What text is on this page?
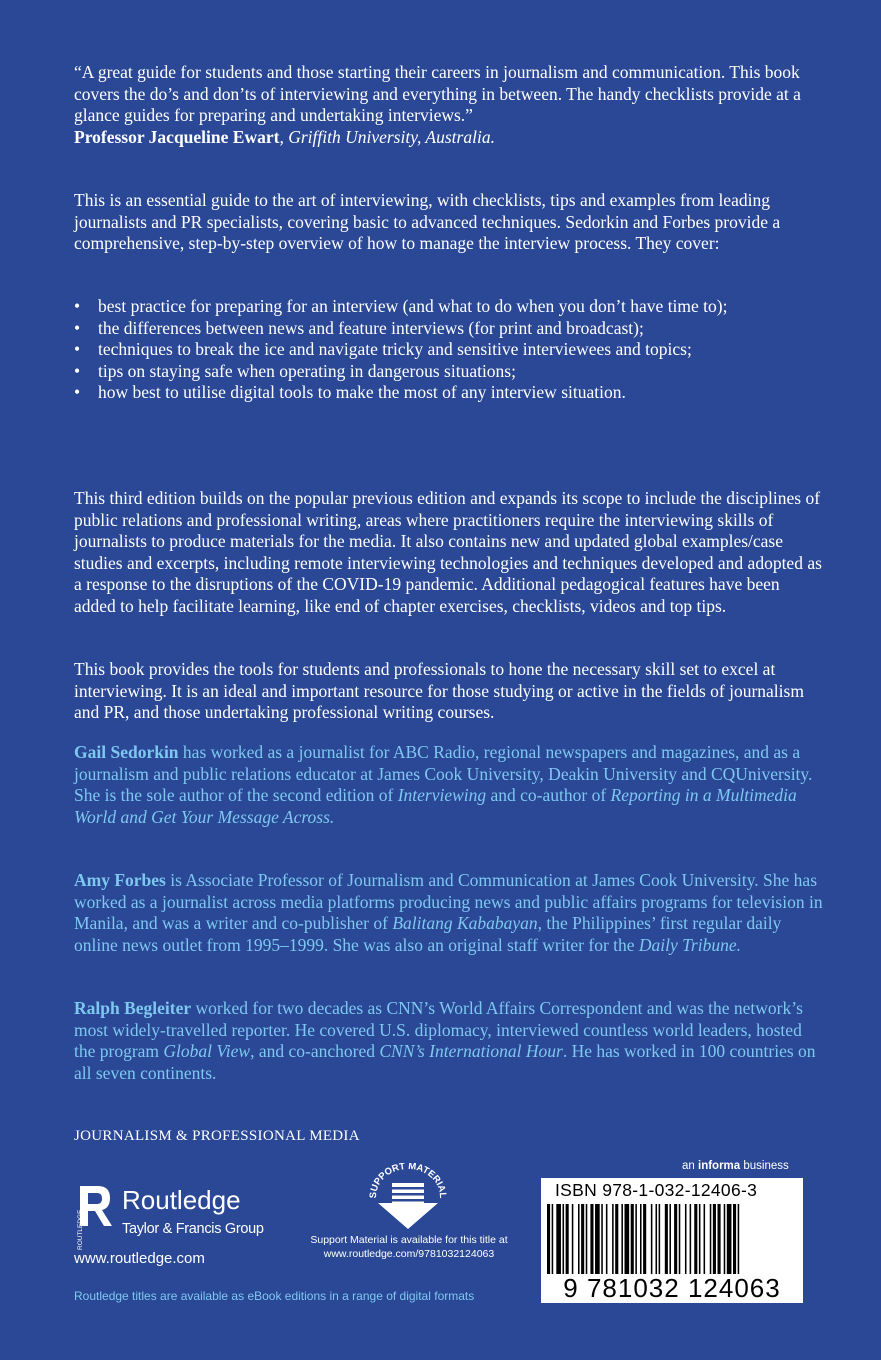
“A great guide for students and those starting their careers in journalism and communication. This book covers the do’s and don’ts of interviewing and everything in between. The handy checklists provide at a glance guides for preparing and undertaking interviews.”
Professor Jacqueline Ewart, Griffith University, Australia.

This is an essential guide to the art of interviewing, with checklists, tips and examples from leading journalists and PR specialists, covering basic to advanced techniques. Sedorkin and Forbes provide a comprehensive, step-by-step overview of how to manage the interview process. They cover:
• best practice for preparing for an interview (and what to do when you don’t have time to);
• the differences between news and feature interviews (for print and broadcast);
• techniques to break the ice and navigate tricky and sensitive interviewees and topics;
• tips on staying safe when operating in dangerous situations;
• how best to utilise digital tools to make the most of any interview situation.
This third edition builds on the popular previous edition and expands its scope to include the disciplines of public relations and professional writing, areas where practitioners require the interviewing skills of journalists to produce materials for the media. It also contains new and updated global examples/case studies and excerpts, including remote interviewing technologies and techniques developed and adopted as a response to the disruptions of the COVID-19 pandemic. Additional pedagogical features have been added to help facilitate learning, like end of chapter exercises, checklists, videos and top tips.
This book provides the tools for students and professionals to hone the necessary skill set to excel at interviewing. It is an ideal and important resource for those studying or active in the fields of journalism and PR, and those undertaking professional writing courses.
Gail Sedorkin has worked as a journalist for ABC Radio, regional newspapers and magazines, and as a journalism and public relations educator at James Cook University, Deakin University and CQUniversity. She is the sole author of the second edition of Interviewing and co-author of Reporting in a Multimedia World and Get Your Message Across.
Amy Forbes is Associate Professor of Journalism and Communication at James Cook University. She has worked as a journalist across media platforms producing news and public affairs programs for television in Manila, and was a writer and co-publisher of Balitang Kababayan, the Philippines’ first regular daily online news outlet from 1995–1999. She was also an original staff writer for the Daily Tribune.
Ralph Begleiter worked for two decades as CNN’s World Affairs Correspondent and was the network’s most widely-travelled reporter. He covered U.S. diplomacy, interviewed countless world leaders, hosted the program Global View, and co-anchored CNN’s International Hour. He has worked in 100 countries on all seven continents.
JOURNALISM & PROFESSIONAL MEDIA
an informa business
ROUTLEDGE
Routledge
Taylor & Francis Group
www.routledge.com
Routledge titles are available as eBook editions in a range of digital formats
SUPPORT MATERIAL
Support Material is available for this title at
www.routledge.com/9781032124063
ISBN 978-1-032-12406-3
9 781032 124063
